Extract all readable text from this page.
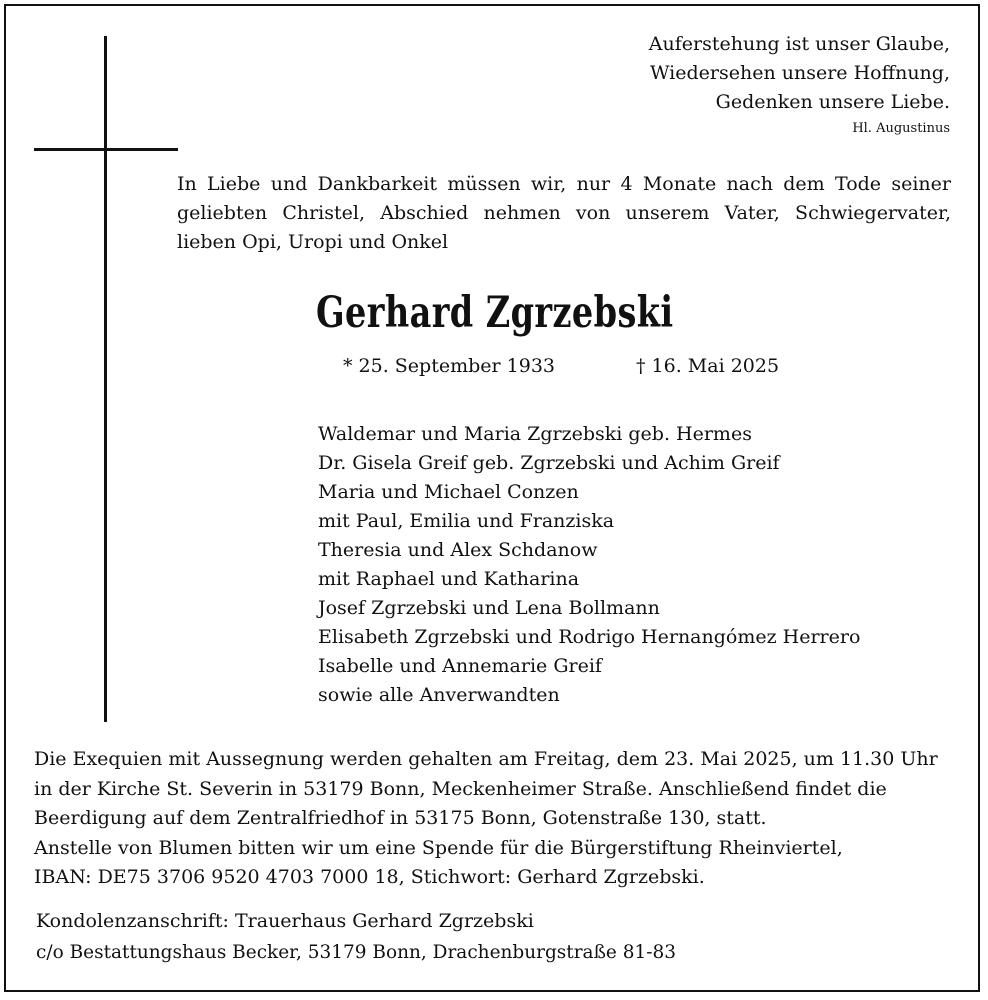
Auferstehung ist unser Glaube,
Wiedersehen unsere Hoffnung,
Gedenken unsere Liebe.
Hl. Augustinus
In Liebe und Dankbarkeit müssen wir, nur 4 Monate nach dem Tode seiner geliebten Christel, Abschied nehmen von unserem Vater, Schwiegervater, lieben Opi, Uropi und Onkel
Gerhard Zgrzebski
* 25. September 1933	† 16. Mai 2025
Waldemar und Maria Zgrzebski geb. Hermes
Dr. Gisela Greif geb. Zgrzebski und Achim Greif
Maria und Michael Conzen
mit Paul, Emilia und Franziska
Theresia und Alex Schdanow
mit Raphael und Katharina
Josef Zgrzebski und Lena Bollmann
Elisabeth Zgrzebski und Rodrigo Hernangómez Herrero
Isabelle und Annemarie Greif
sowie alle Anverwandten
Die Exequien mit Aussegnung werden gehalten am Freitag, dem 23. Mai 2025, um 11.30 Uhr
in der Kirche St. Severin in 53179 Bonn, Meckenheimer Straße. Anschließend findet die
Beerdigung auf dem Zentralfriedhof in 53175 Bonn, Gotenstraße 130, statt.
Anstelle von Blumen bitten wir um eine Spende für die Bürgerstiftung Rheinviertel,
IBAN: DE75 3706 9520 4703 7000 18, Stichwort: Gerhard Zgrzebski.
Kondolenzanschrift: Trauerhaus Gerhard Zgrzebski
c/o Bestattungshaus Becker, 53179 Bonn, Drachenburgstraße 81-83
